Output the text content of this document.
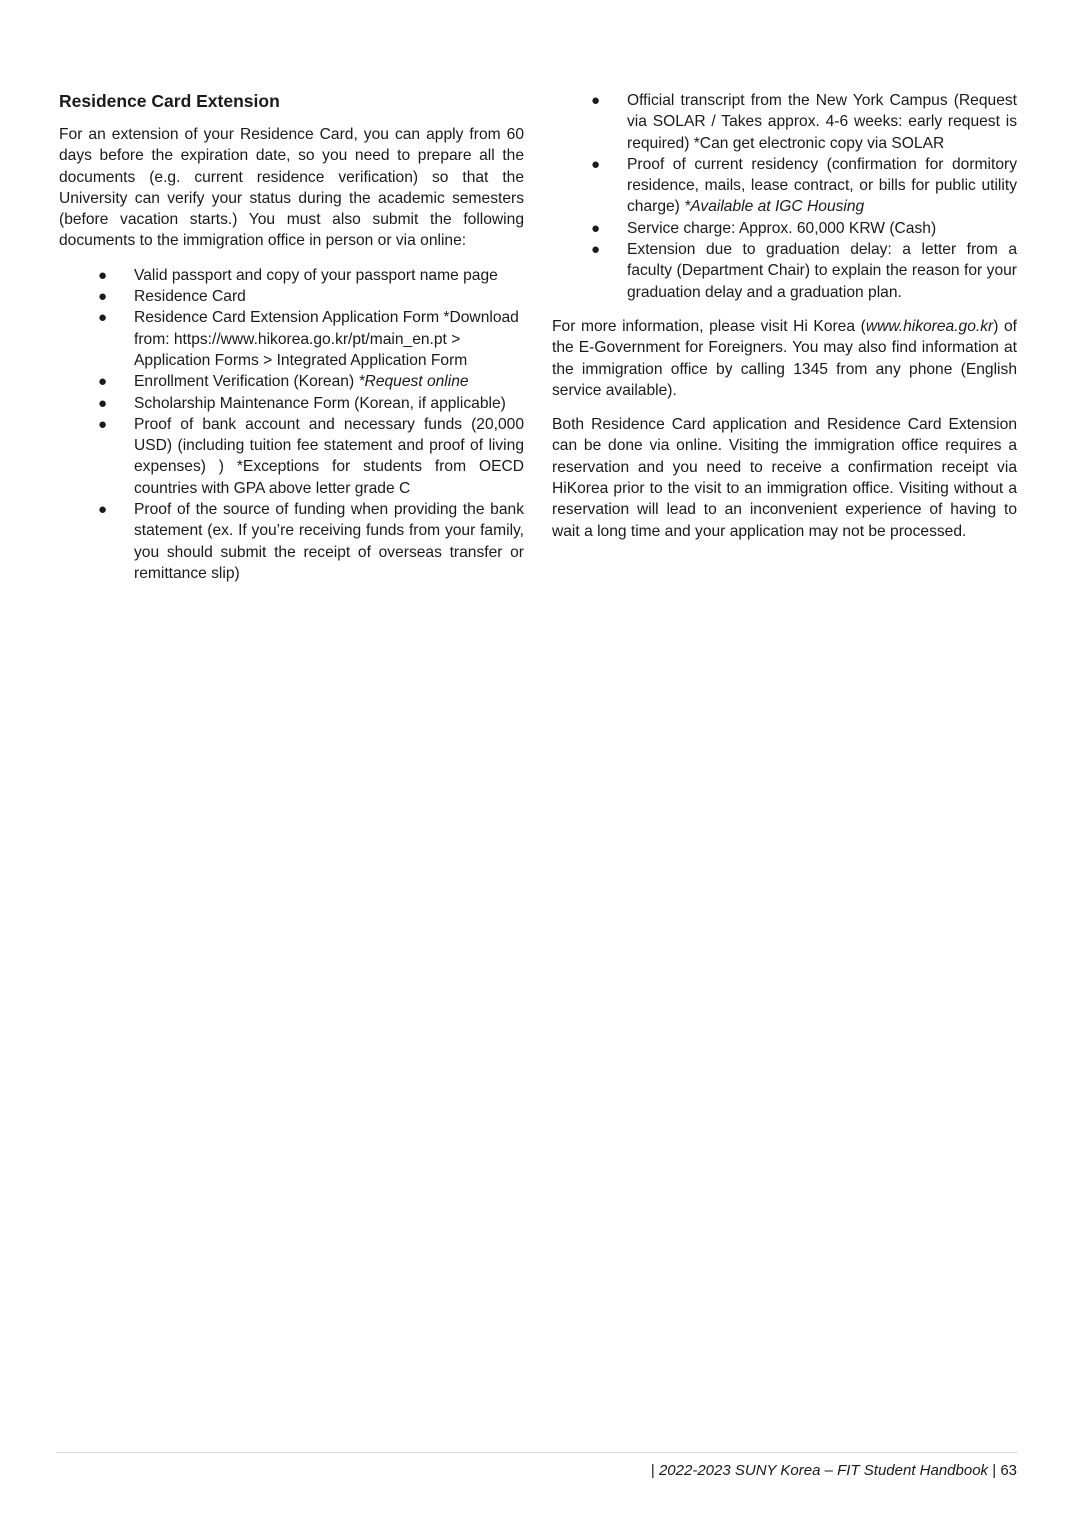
Residence Card Extension

For an extension of your Residence Card, you can apply from 60 days before the expiration date, so you need to prepare all the documents (e.g. current residence verification) so that the University can verify your status during the academic semesters (before vacation starts.) You must also submit the following documents to the immigration office in person or via online:

● Valid passport and copy of your passport name page
● Residence Card
● Residence Card Extension Application Form *Download from: https://www.hikorea.go.kr/pt/main_en.pt > Application Forms > Integrated Application Form
● Enrollment Verification (Korean) *Request online
● Scholarship Maintenance Form (Korean, if applicable)
● Proof of bank account and necessary funds (20,000 USD) (including tuition fee statement and proof of living expenses) ) *Exceptions for students from OECD countries with GPA above letter grade C
● Proof of the source of funding when providing the bank statement (ex. If you’re receiving funds from your family, you should submit the receipt of overseas transfer or remittance slip)
● Official transcript from the New York Campus (Request via SOLAR / Takes approx. 4-6 weeks: early request is required) *Can get electronic copy via SOLAR
● Proof of current residency (confirmation for dormitory residence, mails, lease contract, or bills for public utility charge) *Available at IGC Housing
● Service charge: Approx. 60,000 KRW (Cash)
● Extension due to graduation delay: a letter from a faculty (Department Chair) to explain the reason for your graduation delay and a graduation plan.

For more information, please visit Hi Korea (www.hikorea.go.kr) of the E-Government for Foreigners. You may also find information at the immigration office by calling 1345 from any phone (English service available).

Both Residence Card application and Residence Card Extension can be done via online. Visiting the immigration office requires a reservation and you need to receive a confirmation receipt via HiKorea prior to the visit to an immigration office. Visiting without a reservation will lead to an inconvenient experience of having to wait a long time and your application may not be processed.

| 2022-2023 SUNY Korea – FIT Student Handbook | 63
